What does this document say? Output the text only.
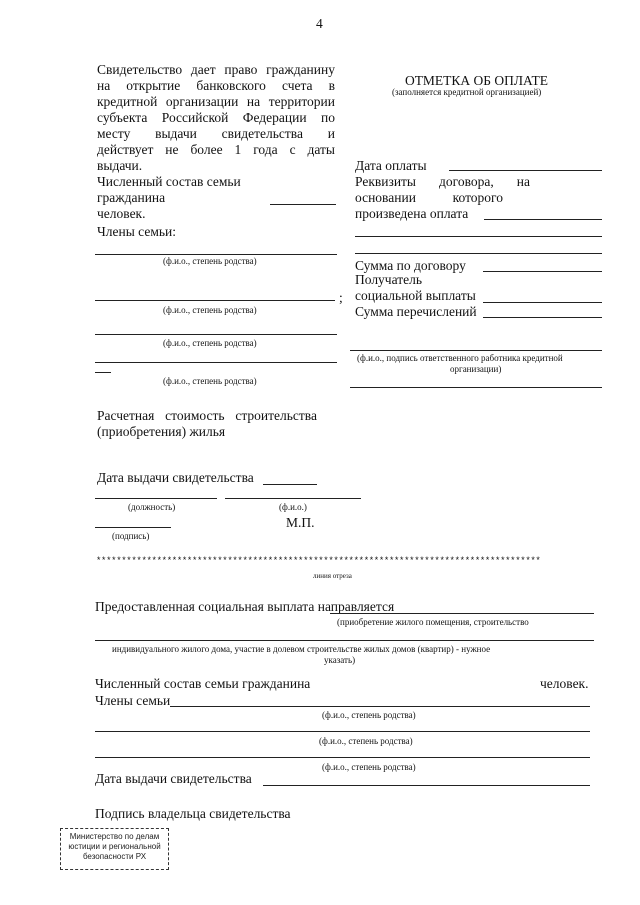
4
Свидетельство дает право гражданину
на открытие банковского счета в
кредитной организации на территории
субъекта Российской Федерации по
месту выдачи свидетельства и
действует не более 1 года с даты
выдачи.
Численный состав семьи
гражданина
человек.
Члены семьи:
(ф.и.о., степень родства)
;
(ф.и.о., степень родства)
(ф.и.о., степень родства)
(ф.и.о., степень родства)
Расчетная стоимость строительства
(приобретения) жилья
Дата выдачи свидетельства
(должность)	(ф.и.о.)
М.П.
(подпись)
ОТМЕТКА ОБ ОПЛАТЕ
(заполняется кредитной организацией)
Дата оплаты
Реквизиты договора, на
основании	которого
произведена оплата
Сумма по договору
Получатель
социальной выплаты
Сумма перечислений
(ф.и.о., подпись ответственного работника кредитной
организации)
****************************************************************************************
линия отреза
Предоставленная социальная выплата направляется
(приобретение жилого помещения, строительство
индивидуального жилого дома, участие в долевом строительстве жилых домов (квартир) - нужное
указать)
Численный состав семьи гражданина	человек.
Члены семьи
(ф.и.о., степень родства)
(ф.и.о., степень родства)
(ф.и.о., степень родства)
Дата выдачи свидетельства
Подпись владельца свидетельства
Министерство по делам
юстиции и региональной
безопасности РХ
